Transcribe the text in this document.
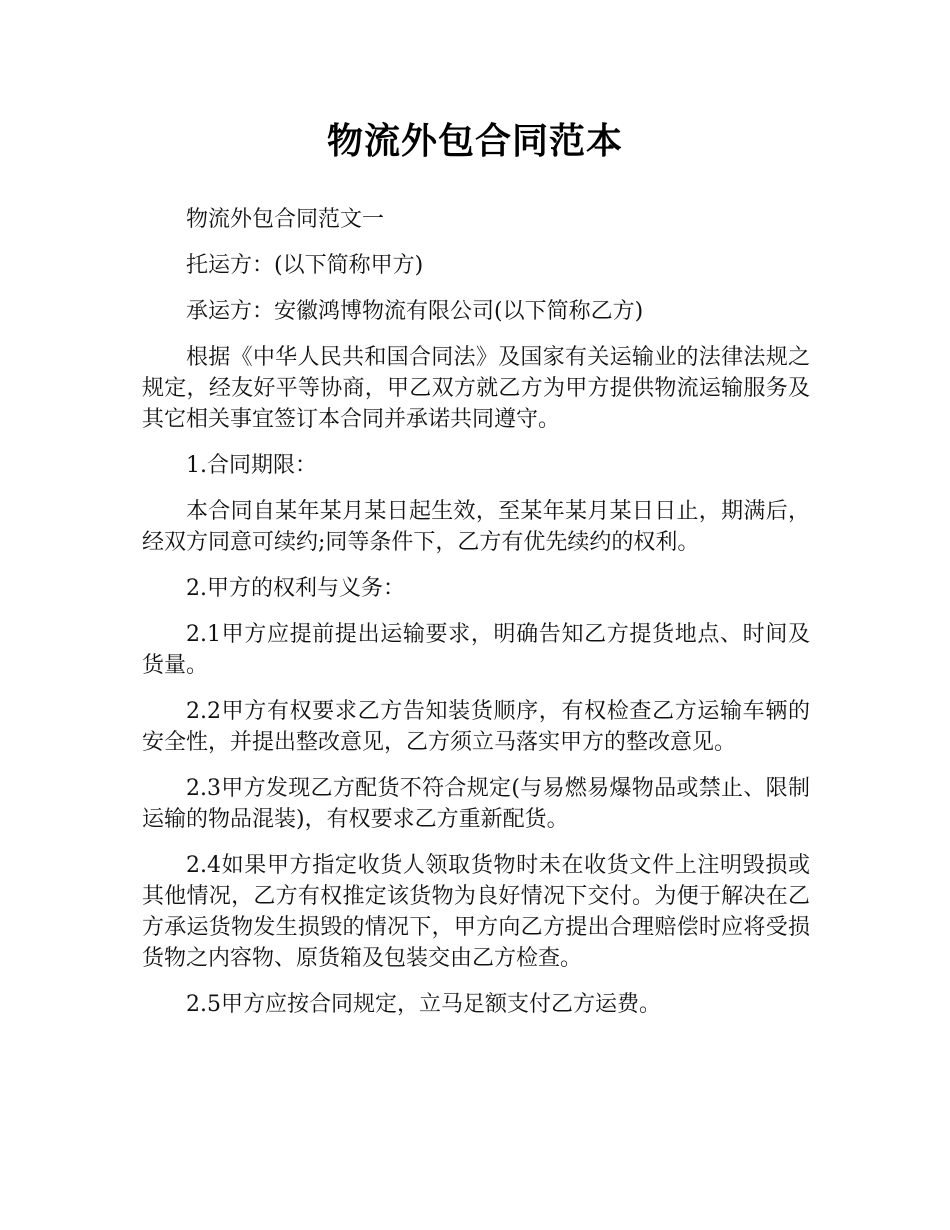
物流外包合同范本

物流外包合同范文一

托运方：(以下简称甲方)

承运方：安徽鸿博物流有限公司(以下简称乙方)

根据《中华人民共和国合同法》及国家有关运输业的法律法规之规定，经友好平等协商，甲乙双方就乙方为甲方提供物流运输服务及其它相关事宜签订本合同并承诺共同遵守。

1.合同期限：

本合同自某年某月某日起生效，至某年某月某日日止，期满后，经双方同意可续约;同等条件下，乙方有优先续约的权利。

2.甲方的权利与义务：

2.1甲方应提前提出运输要求，明确告知乙方提货地点、时间及货量。

2.2甲方有权要求乙方告知装货顺序，有权检查乙方运输车辆的安全性，并提出整改意见，乙方须立马落实甲方的整改意见。

2.3甲方发现乙方配货不符合规定(与易燃易爆物品或禁止、限制运输的物品混装)，有权要求乙方重新配货。

2.4如果甲方指定收货人领取货物时未在收货文件上注明毁损或其他情况，乙方有权推定该货物为良好情况下交付。为便于解决在乙方承运货物发生损毁的情况下，甲方向乙方提出合理赔偿时应将受损货物之内容物、原货箱及包装交由乙方检查。

2.5甲方应按合同规定，立马足额支付乙方运费。
